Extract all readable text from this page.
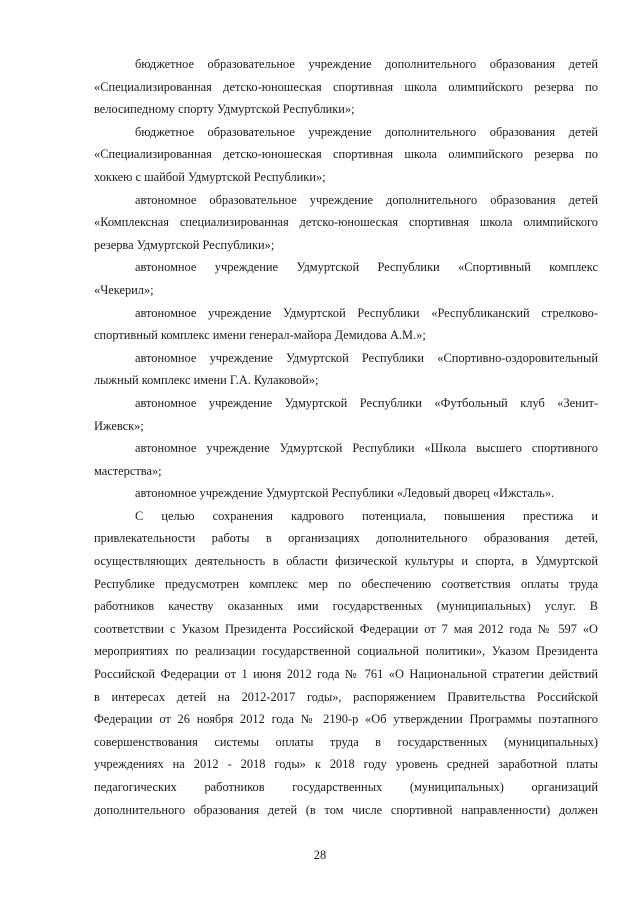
бюджетное образовательное учреждение дополнительного образования детей
«Специализированная детско-юношеская спортивная школа олимпийского резерва по
велосипедному спорту Удмуртской Республики»;
бюджетное образовательное учреждение дополнительного образования детей
«Специализированная детско-юношеская спортивная школа олимпийского резерва по
хоккею с шайбой Удмуртской Республики»;
автономное образовательное учреждение дополнительного образования детей
«Комплексная специализированная детско-юношеская спортивная школа олимпийского
резерва Удмуртской Республики»;
автономное учреждение Удмуртской Республики «Спортивный комплекс
«Чекерил»;
автономное учреждение Удмуртской Республики «Республиканский стрелково-
спортивный комплекс имени генерал-майора Демидова А.М.»;
автономное учреждение Удмуртской Республики «Спортивно-оздоровительный
лыжный комплекс имени Г.А. Кулаковой»;
автономное учреждение Удмуртской Республики «Футбольный клуб «Зенит-
Ижевск»;
автономное учреждение Удмуртской Республики «Школа высшего спортивного
мастерства»;
автономное учреждение Удмуртской Республики «Ледовый дворец «Ижсталь».
С целью сохранения кадрового потенциала, повышения престижа и
привлекательности работы в организациях дополнительного образования детей,
осуществляющих деятельность в области физической культуры и спорта, в Удмуртской
Республике предусмотрен комплекс мер по обеспечению соответствия оплаты труда
работников качеству оказанных ими государственных (муниципальных) услуг. В
соответствии с Указом Президента Российской Федерации от 7 мая 2012 года № 597 «О
мероприятиях по реализации государственной социальной политики», Указом Президента
Российской Федерации от 1 июня 2012 года № 761 «О Национальной стратегии действий
в интересах детей на 2012-2017 годы», распоряжением Правительства Российской
Федерации от 26 ноября 2012 года № 2190-р «Об утверждении Программы поэтапного
совершенствования системы оплаты труда в государственных (муниципальных)
учреждениях на 2012 - 2018 годы» к 2018 году уровень средней заработной платы
педагогических работников государственных (муниципальных) организаций
дополнительного образования детей (в том числе спортивной направленности) должен
28
